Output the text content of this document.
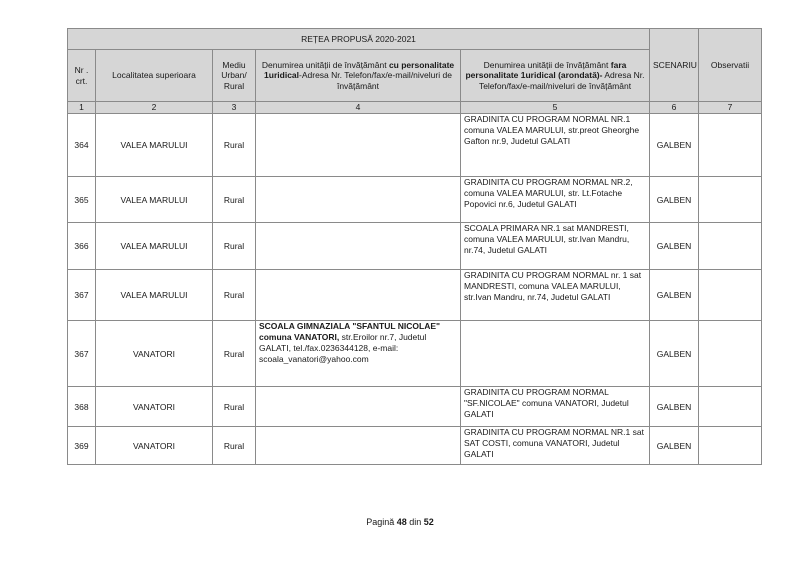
REȚEA PROPUSĂ 2020-2021					SCENARIU	Observatii
Nr . crt.	Localitatea superioara	Mediu Urban/ Rural	Denumirea unității de învățământ cu personalitate 1uridical-Adresa Nr. Telefon/fax/e-mail/niveluri de învățământ	Denumirea unității de învățământ fara personalitate 1uridical (arondată)- Adresa Nr. Telefon/fax/e-mail/niveluri de învățământ		
1	2	3	4	5	6	7
364	VALEA MARULUI	Rural		GRADINITA CU PROGRAM NORMAL NR.1 comuna VALEA MARULUI, str.preot Gheorghe Gafton nr.9, Judetul GALATI	GALBEN	
365	VALEA MARULUI	Rural		GRADINITA CU PROGRAM NORMAL NR.2, comuna VALEA MARULUI, str. Lt.Fotache Popovici nr.6, Judetul GALATI	GALBEN	
366	VALEA MARULUI	Rural		SCOALA PRIMARA NR.1 sat MANDRESTI, comuna VALEA MARULUI, str.Ivan Mandru, nr.74, Judetul GALATI	GALBEN	
367	VALEA MARULUI	Rural		GRADINITA CU PROGRAM NORMAL nr. 1 sat MANDRESTI, comuna VALEA MARULUI, str.Ivan Mandru, nr.74, Judetul GALATI	GALBEN	
367	VANATORI	Rural	SCOALA GIMNAZIALA "SFANTUL NICOLAE" comuna VANATORI, str.Eroilor nr.7, Judetul GALATI, tel./fax.0236344128, e-mail: scoala_vanatori@yahoo.com		GALBEN	
368	VANATORI	Rural		GRADINITA CU PROGRAM NORMAL "SF.NICOLAE" comuna VANATORI, Judetul GALATI	GALBEN	
369	VANATORI	Rural		GRADINITA CU PROGRAM NORMAL NR.1 sat SAT COSTI, comuna VANATORI, Judetul GALATI	GALBEN	
Pagină 48 din 52
